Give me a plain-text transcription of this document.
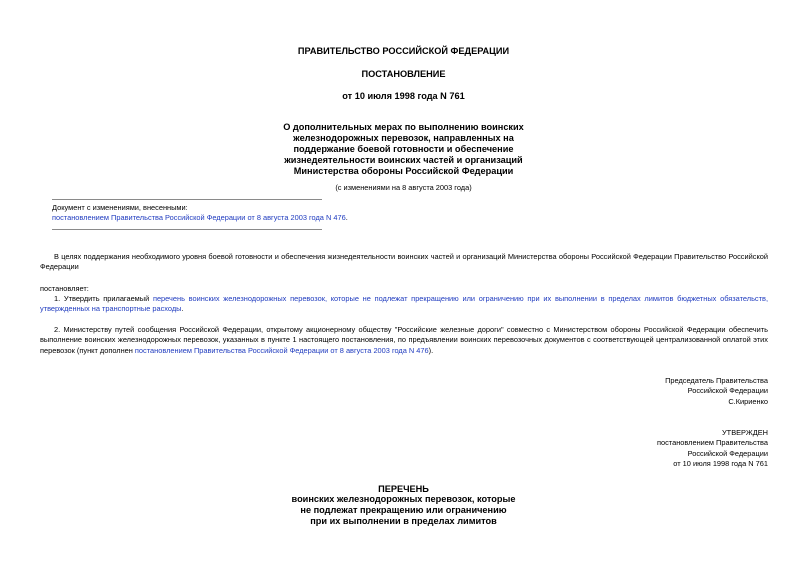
ПРАВИТЕЛЬСТВО РОССИЙСКОЙ ФЕДЕРАЦИИ
ПОСТАНОВЛЕНИЕ
от 10 июля 1998 года N 761
О дополнительных мерах по выполнению воинских
железнодорожных перевозок, направленных на
поддержание боевой готовности и обеспечение
жизнедеятельности воинских частей и организаций
Министерства обороны Российской Федерации
(с изменениями на 8 августа 2003 года)
Документ с изменениями, внесенными:
постановлением Правительства Российской Федерации от 8 августа 2003 года N 476.

В целях поддержания необходимого уровня боевой готовности и обеспечения жизнедеятельности воинских частей и организаций Министерства обороны Российской Федерации Правительство Российской Федерации

постановляет:

1. Утвердить прилагаемый перечень воинских железнодорожных перевозок, которые не подлежат прекращению или ограничению при их выполнении в пределах лимитов бюджетных обязательств, утвержденных на транспортные расходы.

2. Министерству путей сообщения Российской Федерации, открытому акционерному обществу "Российские железные дороги" совместно с Министерством обороны Российской Федерации обеспечить выполнение воинских железнодорожных перевозок, указанных в пункте 1 настоящего постановления, по предъявлении воинских перевозочных документов с соответствующей централизованной оплатой этих перевозок (пункт дополнен постановлением Правительства Российской Федерации от 8 августа 2003 года N 476).

Председатель Правительства
Российской Федерации
С.Кириенко
УТВЕРЖДЕН
постановлением Правительства
Российской Федерации
от 10 июля 1998 года N 761
ПЕРЕЧЕНЬ
воинских железнодорожных перевозок, которые
не подлежат прекращению или ограничению
при их выполнении в пределах лимитов
